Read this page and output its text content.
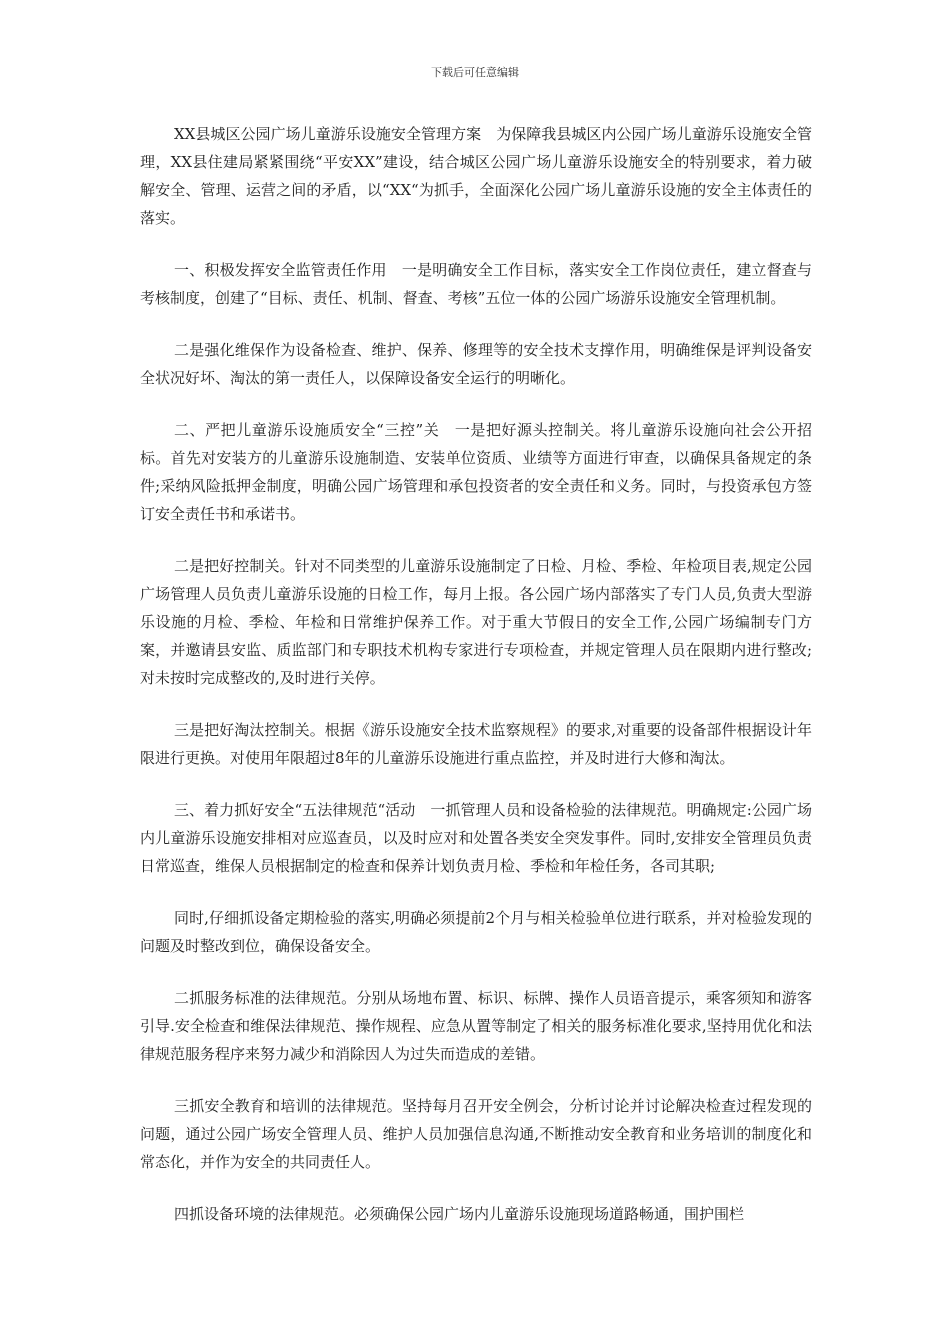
下载后可任意编辑

XX县城区公园广场儿童游乐设施安全管理方案　为保障我县城区内公园广场儿童游乐设施安全管理，XX县住建局紧紧围绕“平安XX”建设，结合城区公园广场儿童游乐设施安全的特别要求，着力破解安全、管理、运营之间的矛盾，以“XX“为抓手，全面深化公园广场儿童游乐设施的安全主体责任的落实。

一、积极发挥安全监管责任作用　一是明确安全工作目标，落实安全工作岗位责任，建立督查与考核制度，创建了“目标、责任、机制、督查、考核”五位一体的公园广场游乐设施安全管理机制。

二是强化维保作为设备检查、维护、保养、修理等的安全技术支撑作用，明确维保是评判设备安全状况好坏、淘汰的第一责任人，以保障设备安全运行的明晰化。

二、严把儿童游乐设施质安全“三控”关　一是把好源头控制关。将儿童游乐设施向社会公开招标。首先对安装方的儿童游乐设施制造、安装单位资质、业绩等方面进行审查，以确保具备规定的条件;采纳风险抵押金制度，明确公园广场管理和承包投资者的安全责任和义务。同时，与投资承包方签订安全责任书和承诺书。

二是把好控制关。针对不同类型的儿童游乐设施制定了日检、月检、季检、年检项目表,规定公园广场管理人员负责儿童游乐设施的日检工作，每月上报。各公园广场内部落实了专门人员,负责大型游乐设施的月检、季检、年检和日常维护保养工作。对于重大节假日的安全工作,公园广场编制专门方案，并邀请县安监、质监部门和专职技术机构专家进行专项检查，并规定管理人员在限期内进行整改;对未按时完成整改的,及时进行关停。

三是把好淘汰控制关。根据《游乐设施安全技术监察规程》的要求,对重要的设备部件根据设计年限进行更换。对使用年限超过8年的儿童游乐设施进行重点监控，并及时进行大修和淘汰。

三、着力抓好安全“五法律规范“活动　一抓管理人员和设备检验的法律规范。明确规定:公园广场内儿童游乐设施安排相对应巡查员，以及时应对和处置各类安全突发事件。同时,安排安全管理员负责日常巡查，维保人员根据制定的检查和保养计划负责月检、季检和年检任务，各司其职;

同时,仔细抓设备定期检验的落实,明确必须提前2个月与相关检验单位进行联系，并对检验发现的问题及时整改到位，确保设备安全。

二抓服务标准的法律规范。分别从场地布置、标识、标牌、操作人员语音提示，乘客须知和游客引导.安全检查和维保法律规范、操作规程、应急从置等制定了相关的服务标准化要求,坚持用优化和法律规范服务程序来努力减少和消除因人为过失而造成的差错。

三抓安全教育和培训的法律规范。坚持每月召开安全例会，分析讨论并讨论解决检查过程发现的问题，通过公园广场安全管理人员、维护人员加强信息沟通,不断推动安全教育和业务培训的制度化和常态化，并作为安全的共同责任人。

四抓设备环境的法律规范。必须确保公园广场内儿童游乐设施现场道路畅通，围护围栏
